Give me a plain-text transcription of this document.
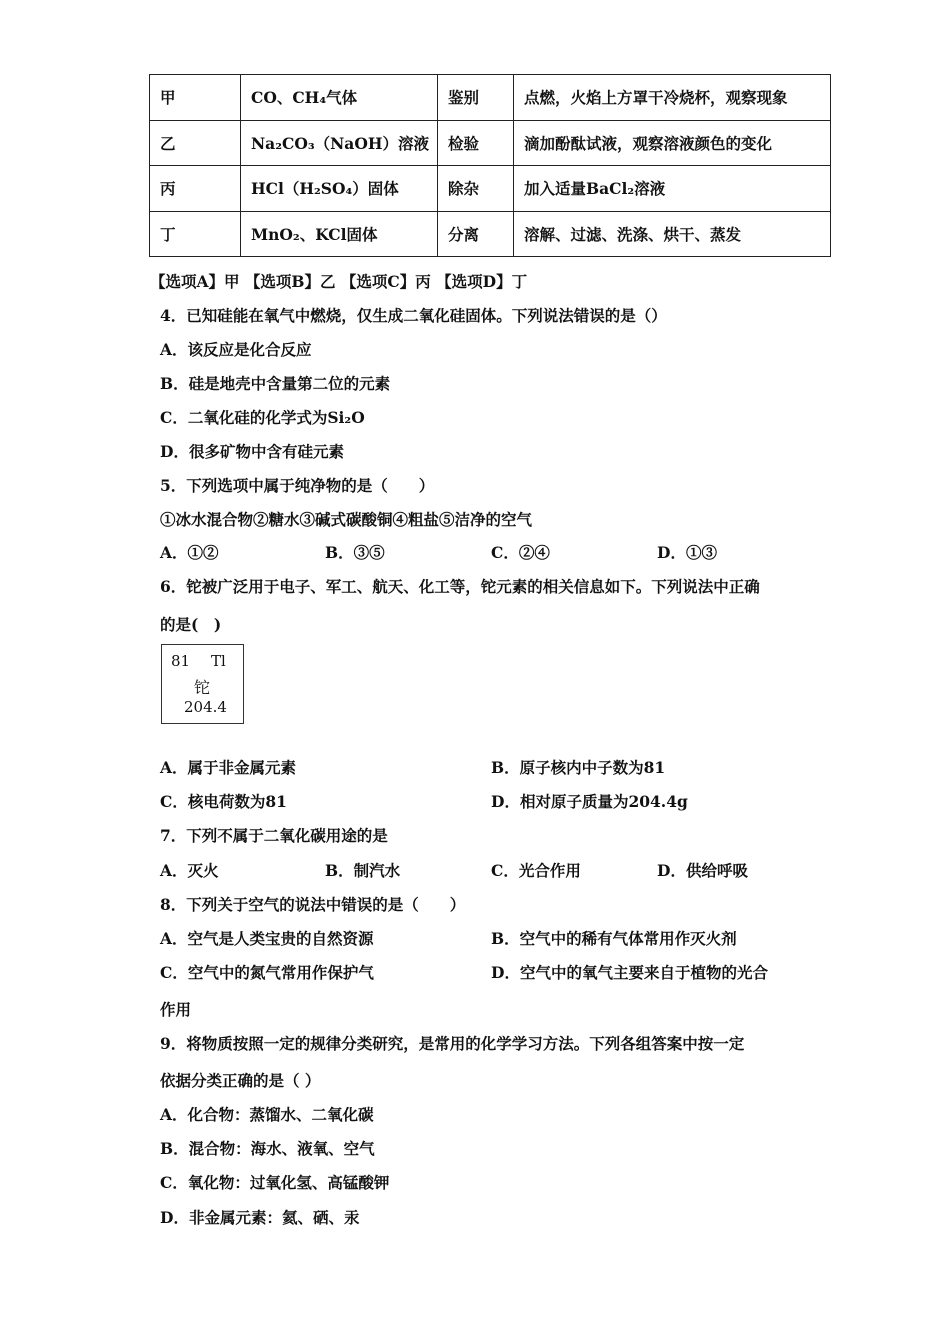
甲	CO、CH₄气体	鉴别	点燃，火焰上方罩干冷烧杯，观察现象
乙	Na₂CO₃（NaOH）溶液	检验	滴加酚酞试液，观察溶液颜色的变化
丙	HCl（H₂SO₄）固体	除杂	加入适量BaCl₂溶液
丁	MnO₂、KCl固体	分离	溶解、过滤、洗涤、烘干、蒸发
【选项A】甲 【选项B】乙 【选项C】丙 【选项D】丁
4．已知硅能在氧气中燃烧，仅生成二氧化硅固体。下列说法错误的是（）
A．该反应是化合反应
B．硅是地壳中含量第二位的元素
C．二氧化硅的化学式为Si₂O
D．很多矿物中含有硅元素
5．下列选项中属于纯净物的是（　　）
①冰水混合物②糖水③碱式碳酸铜④粗盐⑤洁净的空气
A．①②	B．③⑤	C．②④	D．①③
6．铊被广泛用于电子、军工、航天、化工等，铊元素的相关信息如下。下列说法中正确
的是(　)
81 Tl
铊
204.4
A．属于非金属元素	B．原子核内中子数为81
C．核电荷数为81	D．相对原子质量为204.4g
7．下列不属于二氧化碳用途的是
A．灭火	B．制汽水	C．光合作用	D．供给呼吸
8．下列关于空气的说法中错误的是（　　）
A．空气是人类宝贵的自然资源	B．空气中的稀有气体常用作灭火剂
C．空气中的氮气常用作保护气	D．空气中的氧气主要来自于植物的光合
作用
9．将物质按照一定的规律分类研究，是常用的化学学习方法。下列各组答案中按一定
依据分类正确的是（ ）
A．化合物：蒸馏水、二氧化碳
B．混合物：海水、液氧、空气
C．氧化物：过氧化氢、高锰酸钾
D．非金属元素：氦、硒、汞
